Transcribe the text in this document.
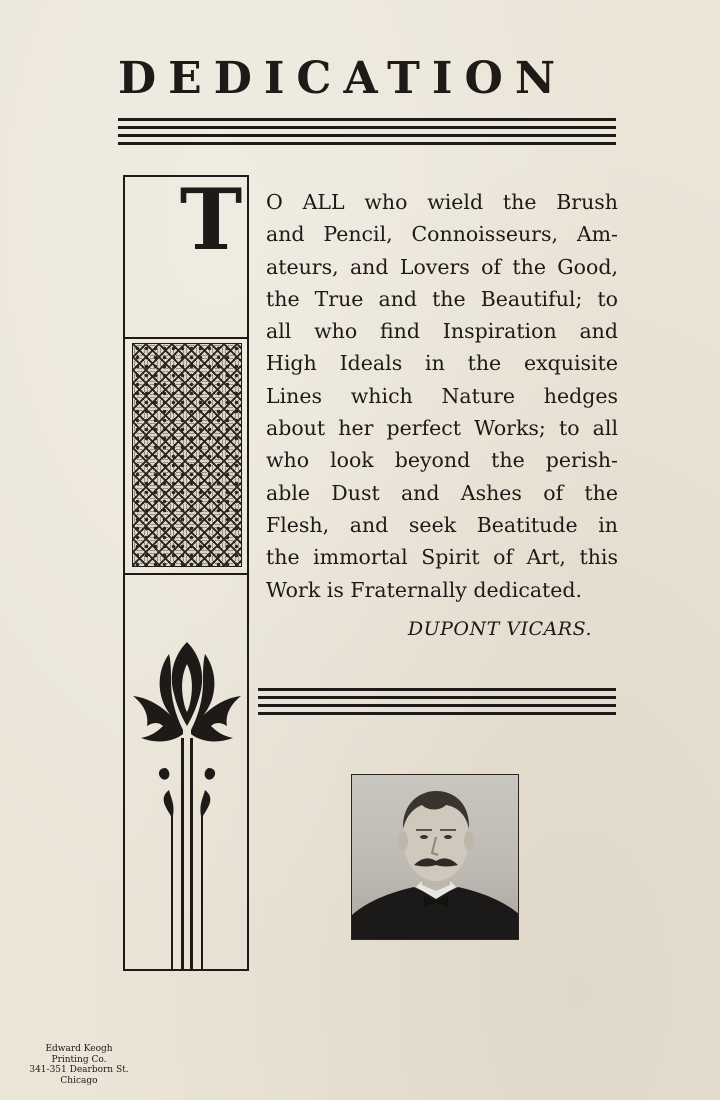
DEDICATION
T O ALL who wield the Brush
and Pencil, Connoisseurs, Am-
ateurs, and Lovers of the Good,
the True and the Beautiful; to
all who find Inspiration and
High Ideals in the exquisite
Lines which Nature hedges
about her perfect Works; to all
who look beyond the perish-
able Dust and Ashes of the
Flesh, and seek Beatitude in
the immortal Spirit of Art, this
Work is Fraternally dedicated.
DUPONT VICARS.
Edward Keogh
Printing Co.
341-351 Dearborn St.
Chicago
